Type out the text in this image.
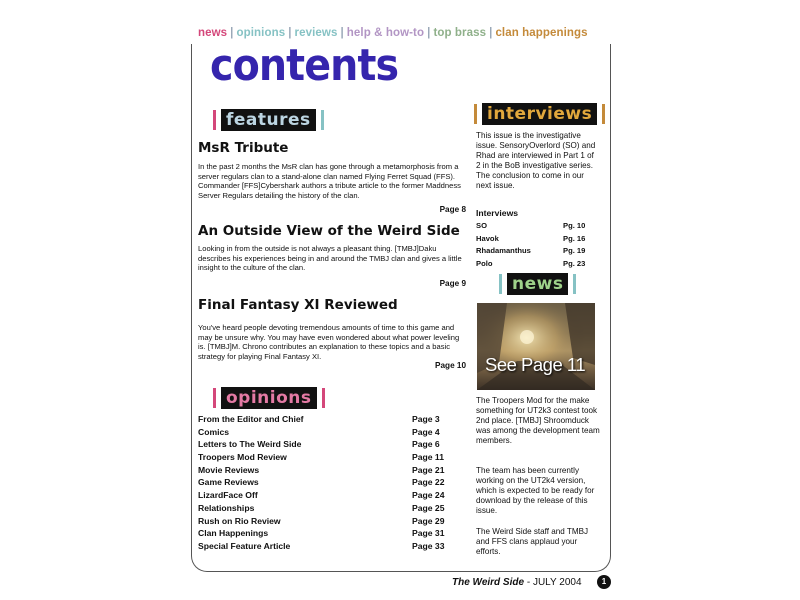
news | opinions | reviews | help & how-to | top brass | clan happenings
contents
features
MsR Tribute
In the past 2 months the MsR clan has gone through a metamorphosis from a server regulars clan to a stand-alone clan named Flying Ferret Squad (FFS). Commander [FFS]Cybershark authors a tribute article to the former Maddness Server Regulars detailing the history of the clan.
Page 8
An Outside View of the Weird Side
Looking in from the outside is not always a pleasant thing. [TMBJ]Daku describes his experiences being in and around the TMBJ clan and gives a little insight to the culture of the clan.
Page 9
Final Fantasy XI Reviewed
You've heard people devoting tremendous amounts of time to this game and may be unsure why. You may have even wondered about what power leveling is. [TMBJ]M. Chrono contributes an explanation to these topics and a basic strategy for playing Final Fantasy XI.
Page 10
opinions
From the Editor and Chief	Page 3
Comics	Page 4
Letters to The Weird Side	Page 6
Troopers Mod Review	Page 11
Movie Reviews	Page 21
Game Reviews	Page 22
LizardFace Off	Page 24
Relationships	Page 25
Rush on Rio Review	Page 29
Clan Happenings	Page 31
Special Feature Article	Page 33
interviews
This issue is the investigative issue. SensoryOverlord (SO) and Rhad are interviewed in Part 1 of 2 in the BoB investigative series. The conclusion to come in our next issue.
Interviews
SO	Pg. 10
Havok	Pg. 16
Rhadamanthus	Pg. 19
Polo	Pg. 23
news
See Page 11
The Troopers Mod for the make something for UT2k3 contest took 2nd place. [TMBJ] Shroomduck was among the development team members.
The team has been currently working on the UT2k4 version, which is expected to be ready for download by the release of this issue.
The Weird Side staff and TMBJ and FFS clans applaud your efforts.
The Weird Side - JULY 2004	1
